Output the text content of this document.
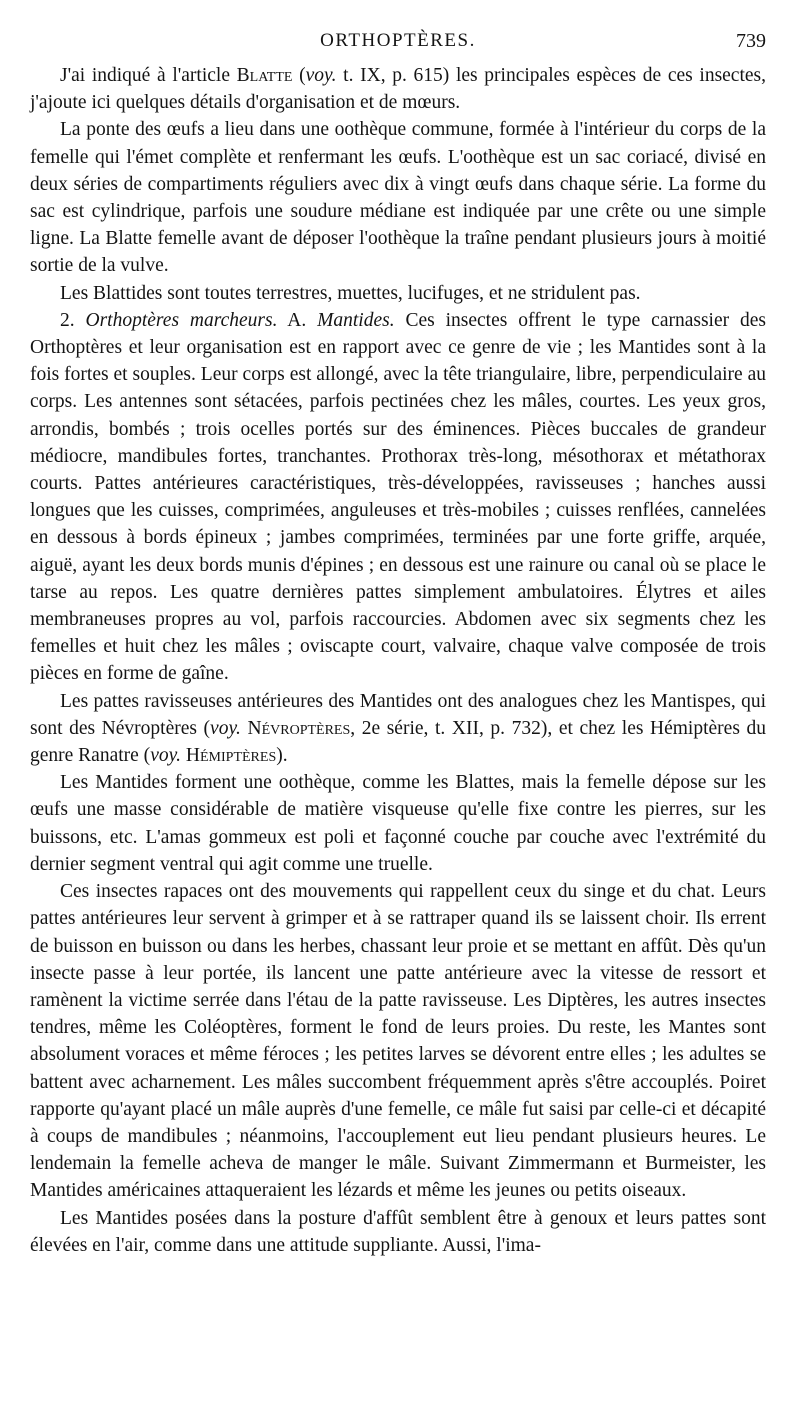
ORTHOPTÈRES.	739

J'ai indiqué à l'article Blatte (voy. t. IX, p. 615) les principales espèces de ces insectes, j'ajoute ici quelques détails d'organisation et de mœurs.

La ponte des œufs a lieu dans une oothèque commune, formée à l'intérieur du corps de la femelle qui l'émet complète et renfermant les œufs. L'oothèque est un sac coriacé, divisé en deux séries de compartiments réguliers avec dix à vingt œufs dans chaque série. La forme du sac est cylindrique, parfois une soudure médiane est indiquée par une crête ou une simple ligne. La Blatte femelle avant de déposer l'oothèque la traîne pendant plusieurs jours à moitié sortie de la vulve.

Les Blattides sont toutes terrestres, muettes, lucifuges, et ne stridulent pas.

2. Orthoptères marcheurs. A. Mantides. Ces insectes offrent le type carnassier des Orthoptères et leur organisation est en rapport avec ce genre de vie ; les Mantides sont à la fois fortes et souples. Leur corps est allongé, avec la tête triangulaire, libre, perpendiculaire au corps. Les antennes sont sétacées, parfois pectinées chez les mâles, courtes. Les yeux gros, arrondis, bombés ; trois ocelles portés sur des éminences. Pièces buccales de grandeur médiocre, mandibules fortes, tranchantes. Prothorax très-long, mésothorax et métathorax courts. Pattes antérieures caractéristiques, très-développées, ravisseuses ; hanches aussi longues que les cuisses, comprimées, anguleuses et très-mobiles ; cuisses renflées, cannelées en dessous à bords épineux ; jambes comprimées, terminées par une forte griffe, arquée, aiguë, ayant les deux bords munis d'épines ; en dessous est une rainure ou canal où se place le tarse au repos. Les quatre dernières pattes simplement ambulatoires. Élytres et ailes membraneuses propres au vol, parfois raccourcies. Abdomen avec six segments chez les femelles et huit chez les mâles ; oviscapte court, valvaire, chaque valve composée de trois pièces en forme de gaîne.

Les pattes ravisseuses antérieures des Mantides ont des analogues chez les Mantispes, qui sont des Névroptères (voy. Névroptères, 2e série, t. XII, p. 732), et chez les Hémiptères du genre Ranatre (voy. Hémiptères).

Les Mantides forment une oothèque, comme les Blattes, mais la femelle dépose sur les œufs une masse considérable de matière visqueuse qu'elle fixe contre les pierres, sur les buissons, etc. L'amas gommeux est poli et façonné couche par couche avec l'extrémité du dernier segment ventral qui agit comme une truelle.

Ces insectes rapaces ont des mouvements qui rappellent ceux du singe et du chat. Leurs pattes antérieures leur servent à grimper et à se rattraper quand ils se laissent choir. Ils errent de buisson en buisson ou dans les herbes, chassant leur proie et se mettant en affût. Dès qu'un insecte passe à leur portée, ils lancent une patte antérieure avec la vitesse de ressort et ramènent la victime serrée dans l'étau de la patte ravisseuse. Les Diptères, les autres insectes tendres, même les Coléoptères, forment le fond de leurs proies. Du reste, les Mantes sont absolument voraces et même féroces ; les petites larves se dévorent entre elles ; les adultes se battent avec acharnement. Les mâles succombent fréquemment après s'être accouplés. Poiret rapporte qu'ayant placé un mâle auprès d'une femelle, ce mâle fut saisi par celle-ci et décapité à coups de mandibules ; néanmoins, l'accouplement eut lieu pendant plusieurs heures. Le lendemain la femelle acheva de manger le mâle. Suivant Zimmermann et Burmeister, les Mantides américaines attaqueraient les lézards et même les jeunes ou petits oiseaux.

Les Mantides posées dans la posture d'affût semblent être à genoux et leurs pattes sont élevées en l'air, comme dans une attitude suppliante. Aussi, l'ima-
